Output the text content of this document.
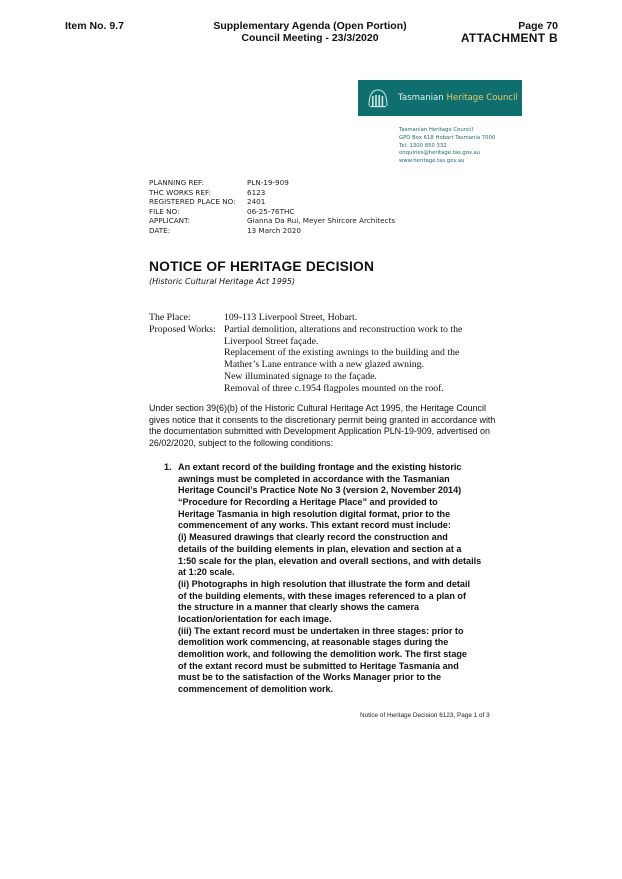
Item No. 9.7	Supplementary Agenda (Open Portion)
Council Meeting - 23/3/2020
Page 70
ATTACHMENT B
Tasmanian Heritage Council
Tasmanian Heritage Council
GPO Box 618 Hobart Tasmania 7000
Tel: 1300 850 332
enquiries@heritage.tas.gov.au
www.heritage.tas.gov.au
PLANNING REF:	PLN-19-909
THC WORKS REF:	6123
REGISTERED PLACE NO:	2401
FILE NO:	06-25-76THC
APPLICANT:	Gianna Da Rui, Meyer Shircore Architects
DATE:	13 March 2020
NOTICE OF HERITAGE DECISION
(Historic Cultural Heritage Act 1995)
The Place:	109-113 Liverpool Street, Hobart.
Proposed Works: Partial demolition, alterations and reconstruction work to the
Liverpool Street façade.
Replacement of the existing awnings to the building and the
Mather’s Lane entrance with a new glazed awning.
New illuminated signage to the façade.
Removal of three c.1954 flagpoles mounted on the roof.
Under section 39(6)(b) of the Historic Cultural Heritage Act 1995, the Heritage Council
gives notice that it consents to the discretionary permit being granted in accordance with
the documentation submitted with Development Application PLN-19-909, advertised on
26/02/2020, subject to the following conditions:
1. An extant record of the building frontage and the existing historic
awnings must be completed in accordance with the Tasmanian
Heritage Council’s Practice Note No 3 (version 2, November 2014)
“Procedure for Recording a Heritage Place” and provided to
Heritage Tasmania in high resolution digital format, prior to the
commencement of any works. This extant record must include:
(i) Measured drawings that clearly record the construction and
details of the building elements in plan, elevation and section at a
1:50 scale for the plan, elevation and overall sections, and with details
at 1:20 scale.
(ii) Photographs in high resolution that illustrate the form and detail
of the building elements, with these images referenced to a plan of
the structure in a manner that clearly shows the camera
location/orientation for each image.
(iii) The extant record must be undertaken in three stages: prior to
demolition work commencing, at reasonable stages during the
demolition work, and following the demolition work. The first stage
of the extant record must be submitted to Heritage Tasmania and
must be to the satisfaction of the Works Manager prior to the
commencement of demolition work.
Notice of Heritage Decision 6123, Page 1 of 3
